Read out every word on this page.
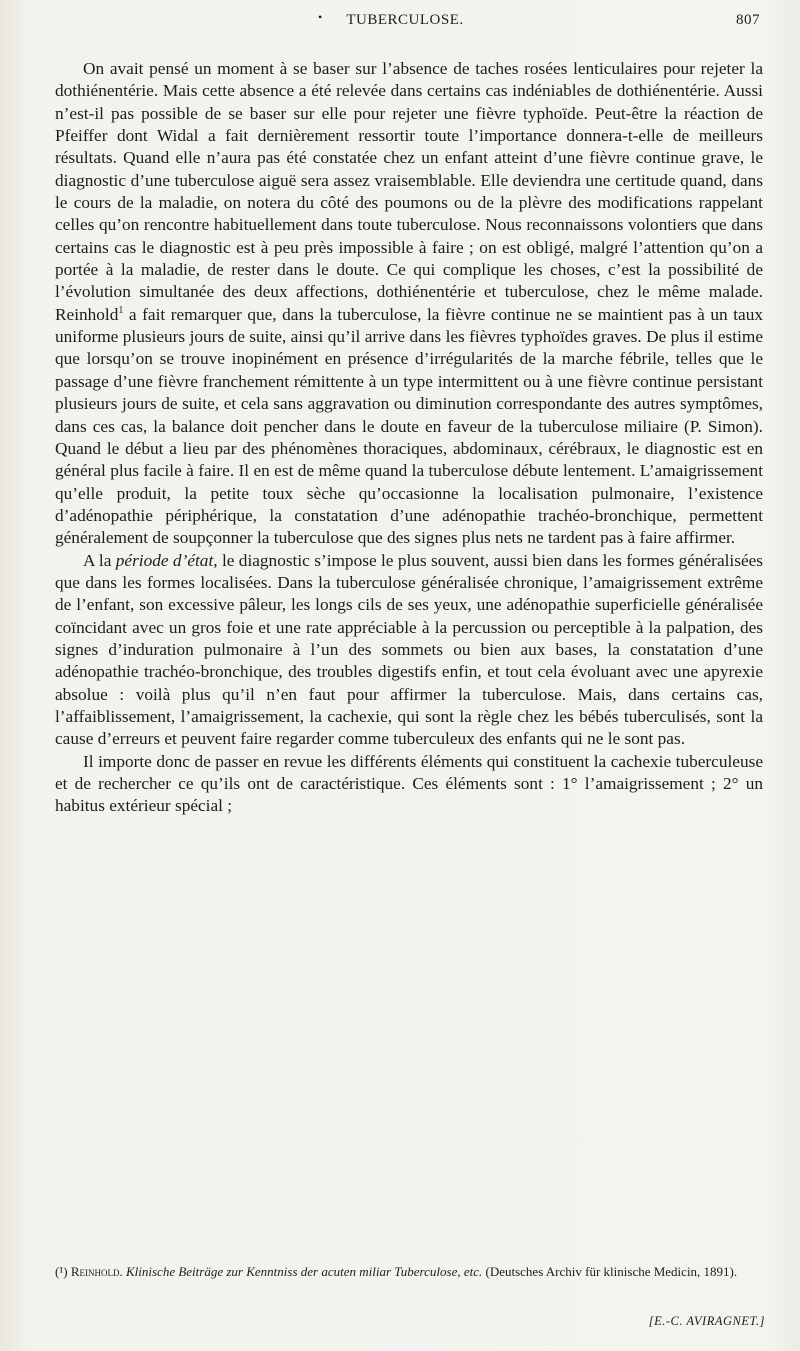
•	TUBERCULOSE.	807

On avait pensé un moment à se baser sur l’absence de taches rosées lenticulaires pour rejeter la dothiénentérie. Mais cette absence a été relevée dans certains cas indéniables de dothiénentérie. Aussi n’est-il pas possible de se baser sur elle pour rejeter une fièvre typhoïde. Peut-être la réaction de Pfeiffer dont Widal a fait dernièrement ressortir toute l’importance donnera-t-elle de meilleurs résultats. Quand elle n’aura pas été constatée chez un enfant atteint d’une fièvre continue grave, le diagnostic d’une tuberculose aiguë sera assez vraisemblable. Elle deviendra une certitude quand, dans le cours de la maladie, on notera du côté des poumons ou de la plèvre des modifications rappelant celles qu’on rencontre habituellement dans toute tuberculose. Nous reconnaissons volontiers que dans certains cas le diagnostic est à peu près impossible à faire ; on est obligé, malgré l’attention qu’on a portée à la maladie, de rester dans le doute. Ce qui complique les choses, c’est la possibilité de l’évolution simultanée des deux affections, dothiénentérie et tuberculose, chez le même malade. Reinhold$^1$ a fait remarquer que, dans la tuberculose, la fièvre continue ne se maintient pas à un taux uniforme plusieurs jours de suite, ainsi qu’il arrive dans les fièvres typhoïdes graves. De plus il estime que lorsqu’on se trouve inopinément en présence d’irrégularités de la marche fébrile, telles que le passage d’une fièvre franchement rémittente à un type intermittent ou à une fièvre continue persistant plusieurs jours de suite, et cela sans aggravation ou diminution correspondante des autres symptômes, dans ces cas, la balance doit pencher dans le doute en faveur de la tuberculose miliaire (P. Simon). Quand le début a lieu par des phénomènes thoraciques, abdominaux, cérébraux, le diagnostic est en général plus facile à faire. Il en est de même quand la tuberculose débute lentement. L’amaigrissement qu’elle produit, la petite toux sèche qu’occasionne la localisation pulmonaire, l’existence d’adénopathie périphérique, la constatation d’une adénopathie trachéo-bronchique, permettent généralement de soupçonner la tuberculose que des signes plus nets ne tardent pas à faire affirmer.

A la période d’état, le diagnostic s’impose le plus souvent, aussi bien dans les formes généralisées que dans les formes localisées. Dans la tuberculose généralisée chronique, l’amaigrissement extrême de l’enfant, son excessive pâleur, les longs cils de ses yeux, une adénopathie superficielle généralisée coïncidant avec un gros foie et une rate appréciable à la percussion ou perceptible à la palpation, des signes d’induration pulmonaire à l’un des sommets ou bien aux bases, la constatation d’une adénopathie trachéo-bronchique, des troubles digestifs enfin, et tout cela évoluant avec une apyrexie absolue : voilà plus qu’il n’en faut pour affirmer la tuberculose. Mais, dans certains cas, l’affaiblissement, l’amaigrissement, la cachexie, qui sont la règle chez les bébés tuberculisés, sont la cause d’erreurs et peuvent faire regarder comme tuberculeux des enfants qui ne le sont pas.

Il importe donc de passer en revue les différents éléments qui constituent la cachexie tuberculeuse et de rechercher ce qu’ils ont de caractéristique. Ces éléments sont : 1° l’amaigrissement ; 2° un habitus extérieur spécial ;

(¹) Reinhold. Klinische Beiträge zur Kenntniss der acuten miliar Tuberculose, etc. (Deutsches Archiv für klinische Medicin, 1891).
[E.-C. AVIRAGNET.]
